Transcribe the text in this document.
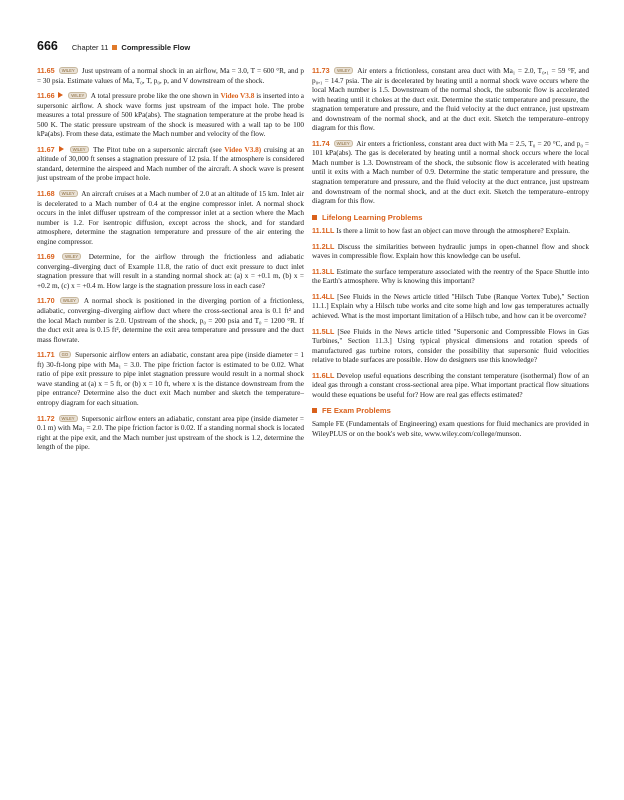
666 Chapter 11 Compressible Flow

11.65 WILEY Just upstream of a normal shock in an airflow, Ma = 3.0, T = 600 °R, and p = 30 psia. Estimate values of Ma, T₀, T, p₀, p, and V downstream of the shock.

11.66	WILEY A total pressure probe like the one shown in Video V3.8 is inserted into a supersonic airflow. A shock wave forms just upstream of the impact hole. The probe measures a total pressure of 500 kPa(abs). The stagnation temperature at the probe head is 500 K. The static pressure upstream of the shock is measured with a wall tap to be 100 kPa(abs). From these data, estimate the Mach number and velocity of the flow.

11.67	WILEY The Pitot tube on a supersonic aircraft (see Video V3.8) cruising at an altitude of 30,000 ft senses a stagnation pressure of 12 psia. If the atmosphere is considered standard, determine the airspeed and Mach number of the aircraft. A shock wave is present just upstream of the probe impact hole.

11.68 WILEY An aircraft cruises at a Mach number of 2.0 at an altitude of 15 km. Inlet air is decelerated to a Mach number of 0.4 at the engine compressor inlet. A normal shock occurs in the inlet diffuser upstream of the compressor inlet at a section where the Mach number is 1.2. For isentropic diffusion, except across the shock, and for standard atmosphere, determine the stagnation temperature and pressure of the air entering the engine compressor.

11.69	WILEY Determine, for the airflow through the frictionless and adiabatic converging–diverging duct of Example 11.8, the ratio of duct exit pressure to duct inlet stagnation pressure that will result in a standing normal shock at: (a) x = +0.1 m, (b) x = +0.2 m, (c) x = +0.4 m. How large is the stagnation pressure loss in each case?

11.70 WILEY A normal shock is positioned in the diverging portion of a frictionless, adiabatic, converging–diverging airflow duct where the cross-sectional area is 0.1 ft² and the local Mach number is 2.0. Upstream of the shock, p₀ = 200 psia and T₀ = 1200 °R. If the duct exit area is 0.15 ft², determine the exit area temperature and pressure and the duct mass flowrate.

11.71 GO Supersonic airflow enters an adiabatic, constant area pipe (inside diameter = 1 ft) 30-ft-long pipe with Ma₁ = 3.0. The pipe friction factor is estimated to be 0.02. What ratio of pipe exit pressure to pipe inlet stagnation pressure would result in a normal shock wave standing at (a) x = 5 ft, or (b) x = 10 ft, where x is the distance downstream from the pipe entrance? Determine also the duct exit Mach number and sketch the temperature–entropy diagram for each situation.

11.72 WILEY Supersonic airflow enters an adiabatic, constant area pipe (inside diameter = 0.1 m) with Ma₁ = 2.0. The pipe friction factor is 0.02. If a standing normal shock is located right at the pipe exit, and the Mach number just upstream of the shock is 1.2, determine the length of the pipe.

11.73 WILEY Air enters a frictionless, constant area duct with Ma₁ = 2.0, T₀,₁ = 59 °F, and p₀,₁ = 14.7 psia. The air is decelerated by heating until a normal shock wave occurs where the local Mach number is 1.5. Downstream of the normal shock, the subsonic flow is accelerated with heating until it chokes at the duct exit. Determine the static temperature and pressure, the stagnation temperature and pressure, and the fluid velocity at the duct entrance, just upstream and downstream of the normal shock, and at the duct exit. Sketch the temperature–entropy diagram for this flow.

11.74 WILEY Air enters a frictionless, constant area duct with Ma = 2.5, T₀ = 20 °C, and p₀ = 101 kPa(abs). The gas is decelerated by heating until a normal shock occurs where the local Mach number is 1.3. Downstream of the shock, the subsonic flow is accelerated with heating until it exits with a Mach number of 0.9. Determine the static temperature and pressure, the stagnation temperature and pressure, and the fluid velocity at the duct entrance, just upstream and downstream of the normal shock, and at the duct exit. Sketch the temperature–entropy diagram for this flow.

Lifelong Learning Problems

11.1LL Is there a limit to how fast an object can move through the atmosphere? Explain.

11.2LL Discuss the similarities between hydraulic jumps in open-channel flow and shock waves in compressible flow. Explain how this knowledge can be useful.

11.3LL Estimate the surface temperature associated with the reentry of the Space Shuttle into the Earth's atmosphere. Why is knowing this important?

11.4LL [See Fluids in the News article titled "Hilsch Tube (Ranque Vortex Tube)," Section 11.1.] Explain why a Hilsch tube works and cite some high and low gas temperatures actually achieved. What is the most important limitation of a Hilsch tube, and how can it be overcome?

11.5LL [See Fluids in the News article titled "Supersonic and Compressible Flows in Gas Turbines," Section 11.3.] Using typical physical dimensions and rotation speeds of manufactured gas turbine rotors, consider the possibility that supersonic fluid velocities relative to blade surfaces are possible. How do designers use this knowledge?

11.6LL Develop useful equations describing the constant temperature (isothermal) flow of an ideal gas through a constant cross-sectional area pipe. What important practical flow situations would these equations be useful for? How are real gas effects estimated?

FE Exam Problems

Sample FE (Fundamentals of Engineering) exam questions for fluid mechanics are provided in WileyPLUS or on the book's web site, www.wiley.com/college/munson.
